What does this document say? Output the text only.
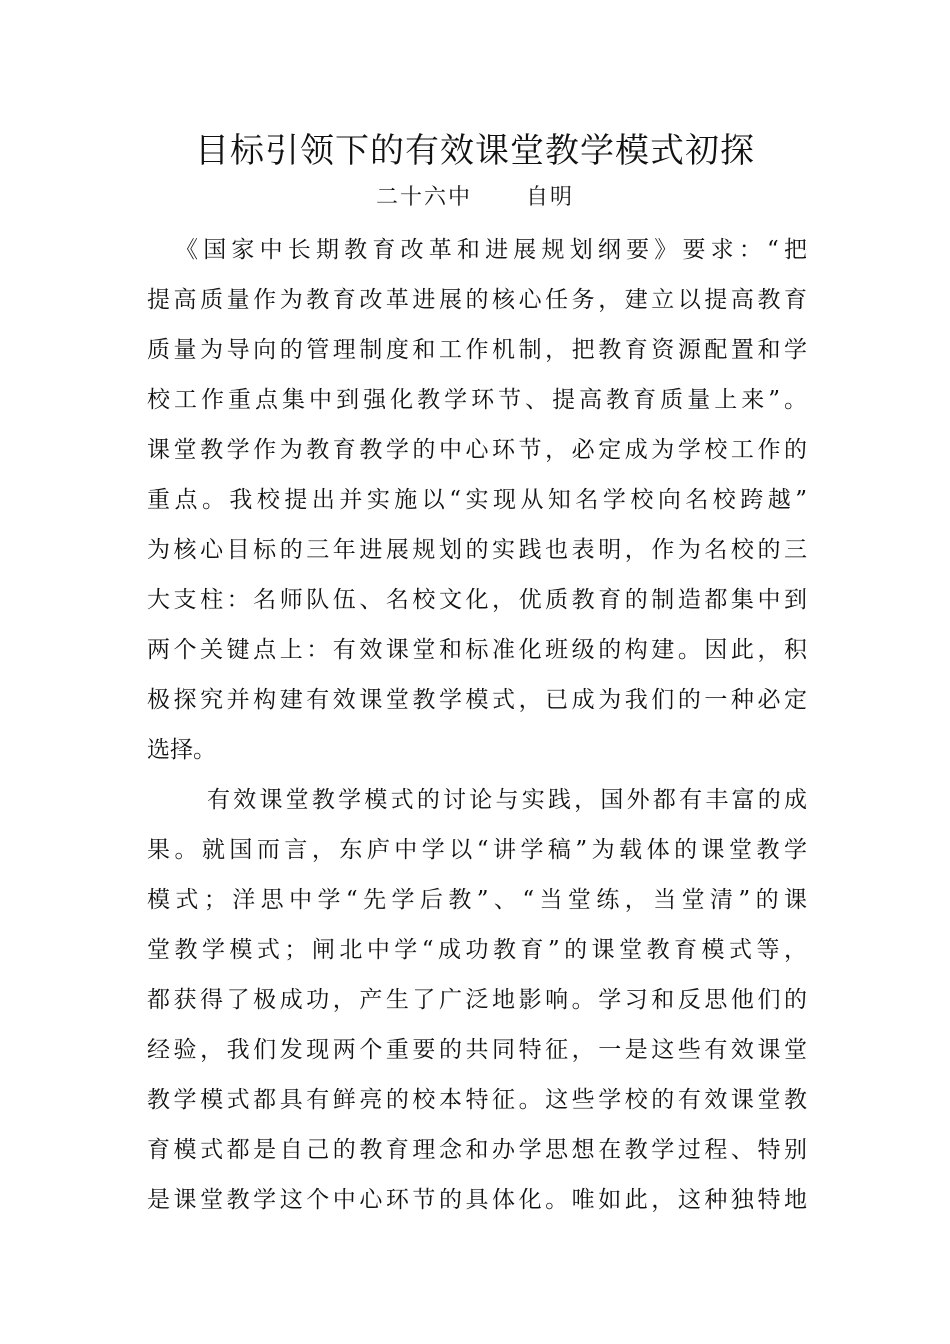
目标引领下的有效课堂教学模式初探
二十六中      自明
《国家中长期教育改革和进展规划纲要》要求：“把
提高质量作为教育改革进展的核心任务，建立以提高教育
质量为导向的管理制度和工作机制，把教育资源配置和学
校工作重点集中到强化教学环节、提高教育质量上来”。
课堂教学作为教育教学的中心环节，必定成为学校工作的
重点。我校提出并实施以“实现从知名学校向名校跨越”
为核心目标的三年进展规划的实践也表明，作为名校的三
大支柱：名师队伍、名校文化，优质教育的制造都集中到
两个关键点上：有效课堂和标准化班级的构建。因此，积
极探究并构建有效课堂教学模式，已成为我们的一种必定
选择。
有效课堂教学模式的讨论与实践，国外都有丰富的成
果。就国而言，东庐中学以“讲学稿”为载体的课堂教学
模式；洋思中学“先学后教”、“当堂练，当堂清”的课
堂教学模式；闸北中学“成功教育”的课堂教育模式等，
都获得了极成功，产生了广泛地影响。学习和反思他们的
经验，我们发现两个重要的共同特征，一是这些有效课堂
教学模式都具有鲜亮的校本特征。这些学校的有效课堂教
育模式都是自己的教育理念和办学思想在教学过程、特别
是课堂教学这个中心环节的具体化。唯如此，这种独特地
